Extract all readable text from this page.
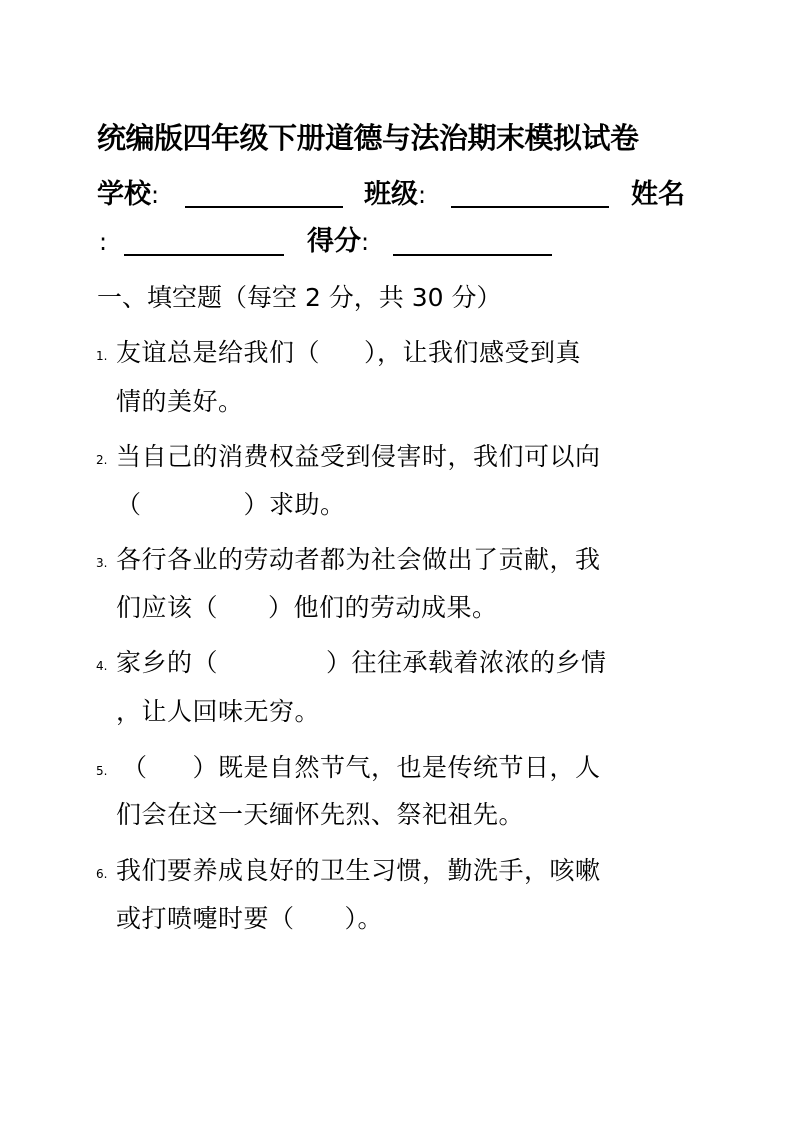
统编版四年级下册道德与法治期末模拟试卷
学校:	班级:	姓名
:	得分:
一、填空题（每空 2 分，共 30 分）
1. 友谊总是给我们（ ），让我们感受到真
情的美好。
2. 当自己的消费权益受到侵害时，我们可以向
（	）求助。
3. 各行各业的劳动者都为社会做出了贡献，我
们应该（ ）他们的劳动成果。
4. 家乡的（	）往往承载着浓浓的乡情
，让人回味无穷。
5. （ ）既是自然节气，也是传统节日，人
们会在这一天缅怀先烈、祭祀祖先。
6. 我们要养成良好的卫生习惯，勤洗手，咳嗽
或打喷嚏时要（ ）。
